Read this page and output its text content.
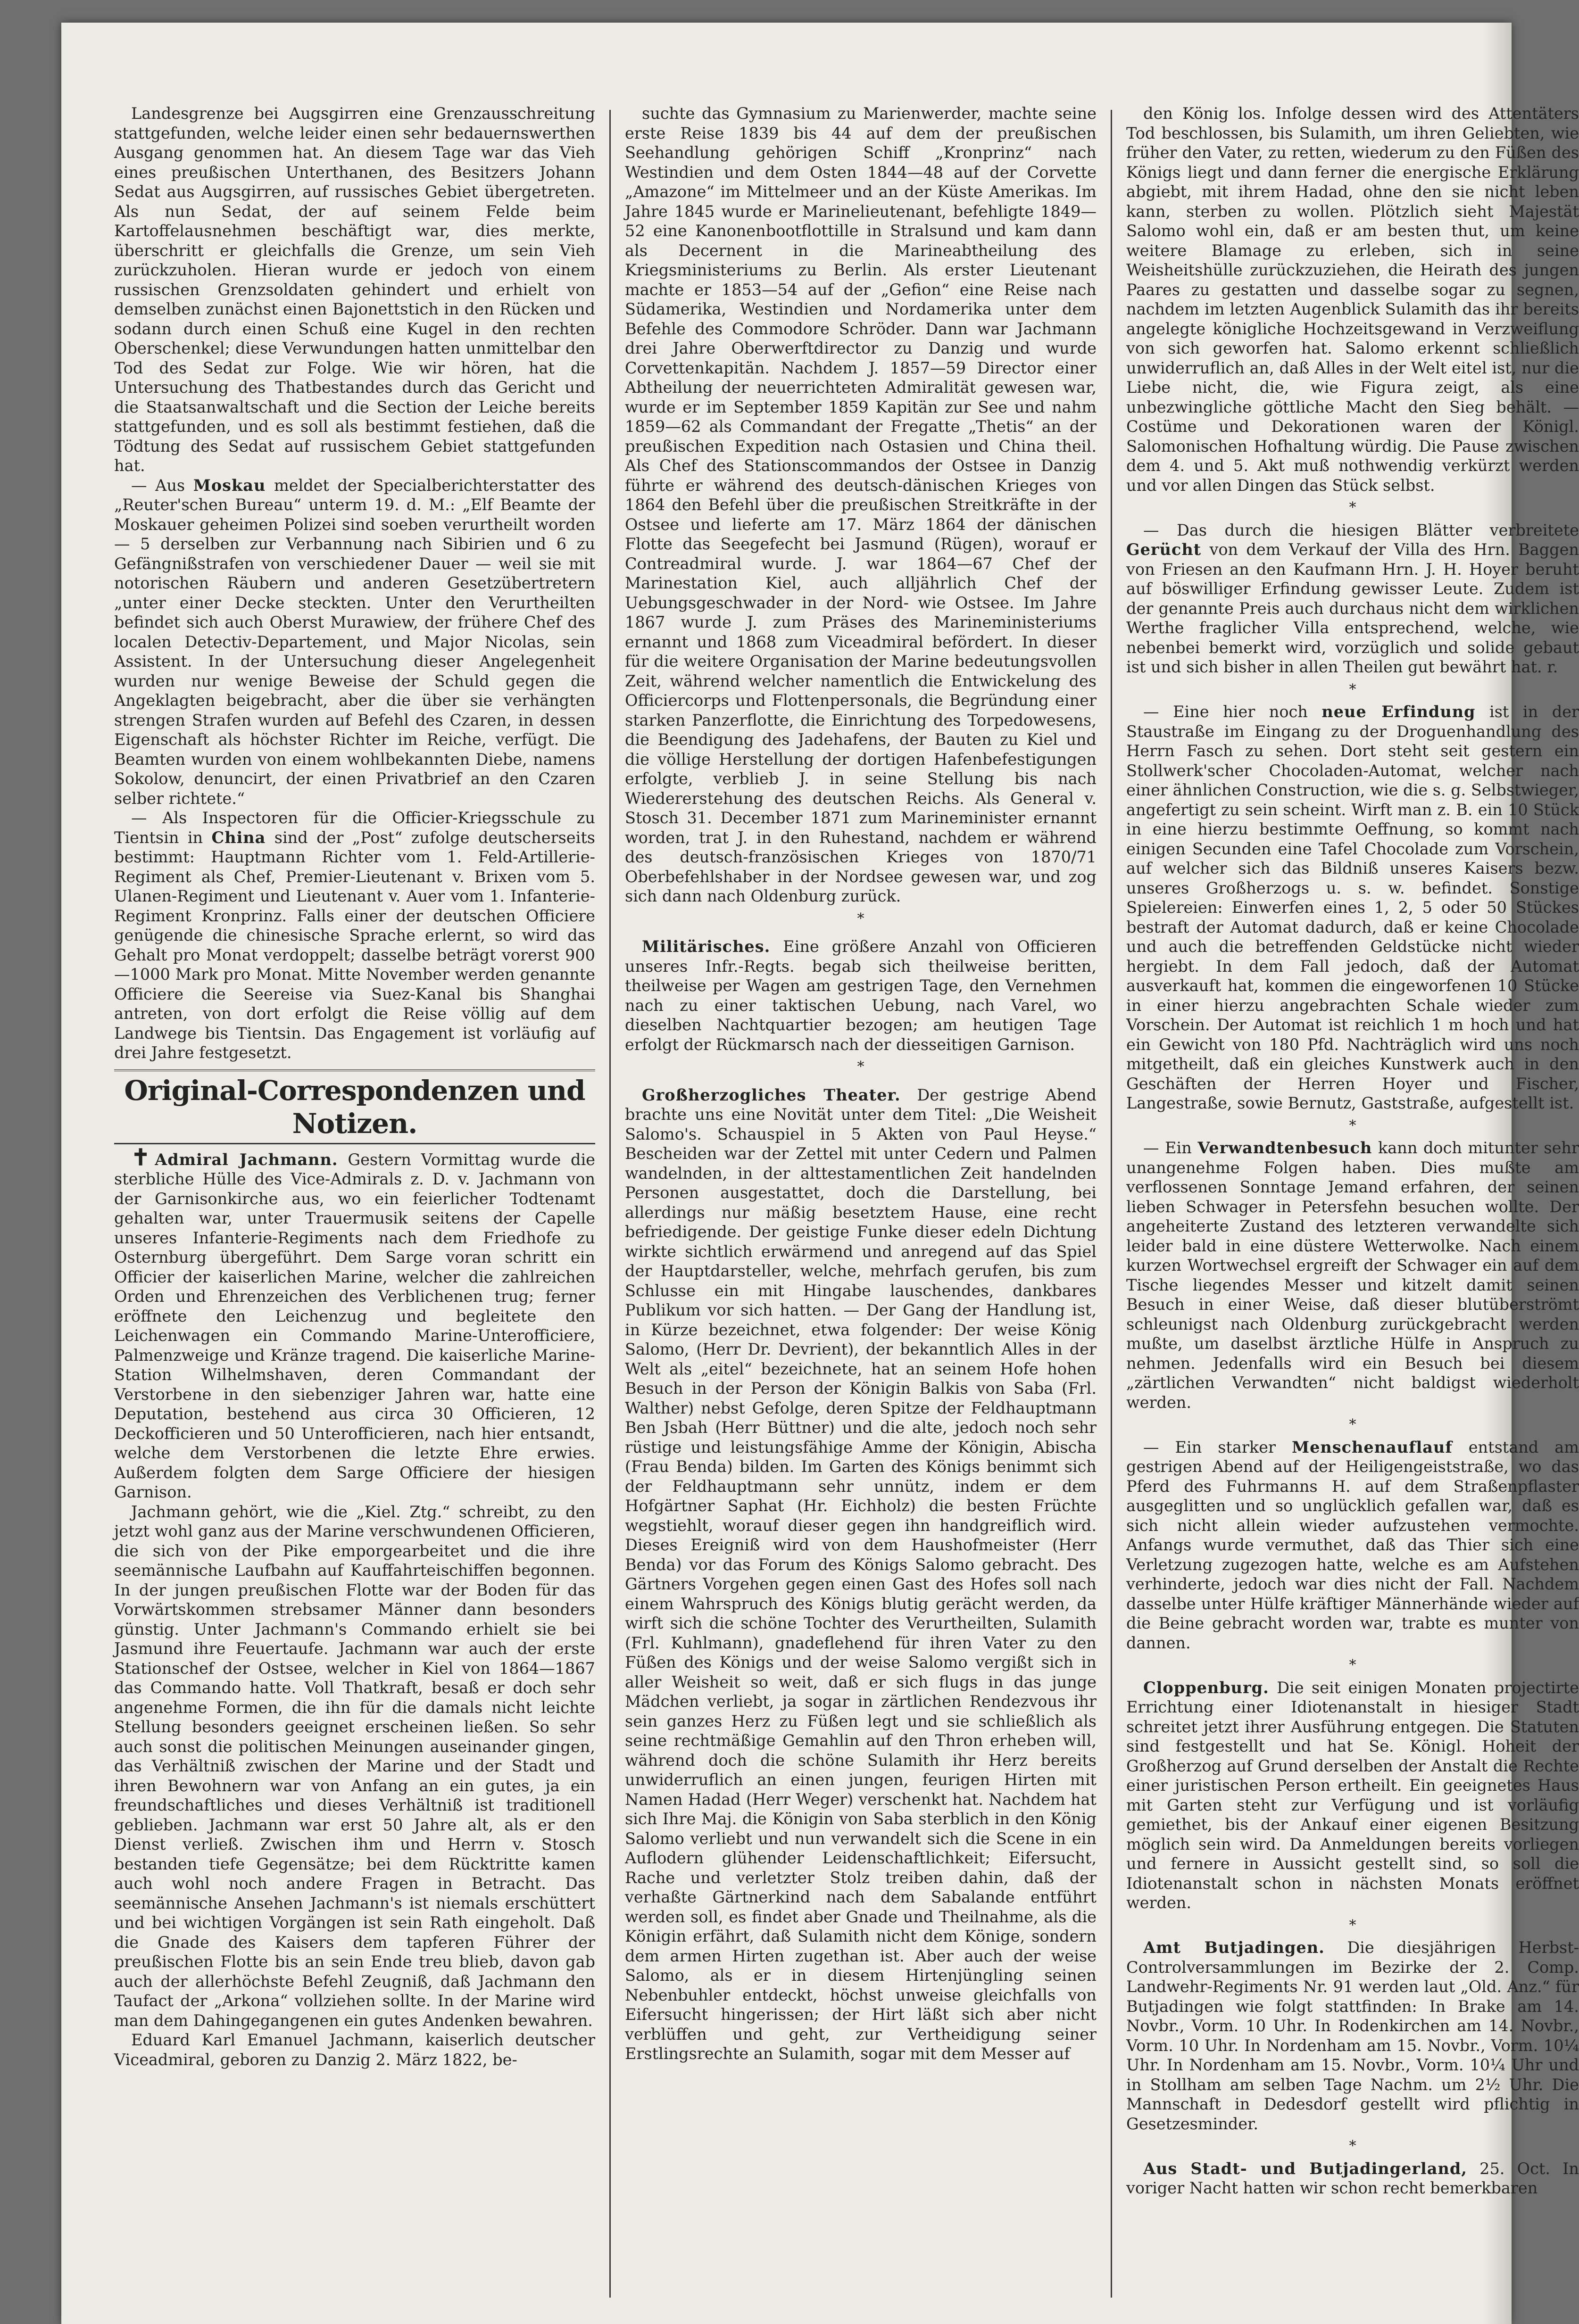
Landesgrenze bei Augsgirren eine Grenzausschreitung stattgefunden, welche leider einen sehr bedauernswerthen Ausgang genommen hat. An diesem Tage war das Vieh eines preußischen Unterthanen, des Besitzers Johann Sedat aus Augsgirren, auf russisches Gebiet übergetreten. Als nun Sedat, der auf seinem Felde beim Kartoffelausnehmen beschäftigt war, dies merkte, überschritt er gleichfalls die Grenze, um sein Vieh zurückzuholen. Hieran wurde er jedoch von einem russischen Grenzsoldaten gehindert und erhielt von demselben zunächst einen Bajonettstich in den Rücken und sodann durch einen Schuß eine Kugel in den rechten Oberschenkel; diese Verwundungen hatten unmittelbar den Tod des Sedat zur Folge. Wie wir hören, hat die Untersuchung des Thatbestandes durch das Gericht und die Staatsanwaltschaft und die Section der Leiche bereits stattgefunden, und es soll als bestimmt festiehen, daß die Tödtung des Sedat auf russischem Gebiet stattgefunden hat.

— Aus Moskau meldet der Specialberichterstatter des „Reuter'schen Bureau“ unterm 19. d. M.: „Elf Beamte der Moskauer geheimen Polizei sind soeben verurtheilt worden — 5 derselben zur Verbannung nach Sibirien und 6 zu Gefängnißstrafen von verschiedener Dauer — weil sie mit notorischen Räubern und anderen Gesetzübertretern „unter einer Decke steckten. Unter den Verurtheilten befindet sich auch Oberst Murawiew, der frühere Chef des localen Detectiv-Departement, und Major Nicolas, sein Assistent. In der Untersuchung dieser Angelegenheit wurden nur wenige Beweise der Schuld gegen die Angeklagten beigebracht, aber die über sie verhängten strengen Strafen wurden auf Befehl des Czaren, in dessen Eigenschaft als höchster Richter im Reiche, verfügt. Die Beamten wurden von einem wohlbekannten Diebe, namens Sokolow, denuncirt, der einen Privatbrief an den Czaren selber richtete.“

— Als Inspectoren für die Officier-Kriegsschule zu Tientsin in China sind der „Post“ zufolge deutscherseits bestimmt: Hauptmann Richter vom 1. Feld-Artillerie-Regiment als Chef, Premier-Lieutenant v. Brixen vom 5. Ulanen-Regiment und Lieutenant v. Auer vom 1. Infanterie-Regiment Kronprinz. Falls einer der deutschen Officiere genügende die chinesische Sprache erlernt, so wird das Gehalt pro Monat verdoppelt; dasselbe beträgt vorerst 900—1000 Mark pro Monat. Mitte November werden genannte Officiere die Seereise via Suez-Kanal bis Shanghai antreten, von dort erfolgt die Reise völlig auf dem Landwege bis Tientsin. Das Engagement ist vorläufig auf drei Jahre festgesetzt.

Original-Correspondenzen und Notizen.

✝ Admiral Jachmann. Gestern Vormittag wurde die sterbliche Hülle des Vice-Admirals z. D. v. Jachmann von der Garnisonkirche aus, wo ein feierlicher Todtenamt gehalten war, unter Trauermusik seitens der Capelle unseres Infanterie-Regiments nach dem Friedhofe zu Osternburg übergeführt. Dem Sarge voran schritt ein Officier der kaiserlichen Marine, welcher die zahlreichen Orden und Ehrenzeichen des Verblichenen trug; ferner eröffnete den Leichenzug und begleitete den Leichenwagen ein Commando Marine-Unterofficiere, Palmenzweige und Kränze tragend. Die kaiserliche Marine-Station Wilhelmshaven, deren Commandant der Verstorbene in den siebenziger Jahren war, hatte eine Deputation, bestehend aus circa 30 Officieren, 12 Deckofficieren und 50 Unterofficieren, nach hier entsandt, welche dem Verstorbenen die letzte Ehre erwies. Außerdem folgten dem Sarge Officiere der hiesigen Garnison.

Jachmann gehört, wie die „Kiel. Ztg.“ schreibt, zu den jetzt wohl ganz aus der Marine verschwundenen Officieren, die sich von der Pike emporgearbeitet und die ihre seemännische Laufbahn auf Kauffahrteischiffen begonnen. In der jungen preußischen Flotte war der Boden für das Vorwärtskommen strebsamer Männer dann besonders günstig. Unter Jachmann's Commando erhielt sie bei Jasmund ihre Feuertaufe. Jachmann war auch der erste Stationschef der Ostsee, welcher in Kiel von 1864—1867 das Commando hatte. Voll Thatkraft, besaß er doch sehr angenehme Formen, die ihn für die damals nicht leichte Stellung besonders geeignet erscheinen ließen. So sehr auch sonst die politischen Meinungen auseinander gingen, das Verhältniß zwischen der Marine und der Stadt und ihren Bewohnern war von Anfang an ein gutes, ja ein freundschaftliches und dieses Verhältniß ist traditionell geblieben. Jachmann war erst 50 Jahre alt, als er den Dienst verließ. Zwischen ihm und Herrn v. Stosch bestanden tiefe Gegensätze; bei dem Rücktritte kamen auch wohl noch andere Fragen in Betracht. Das seemännische Ansehen Jachmann's ist niemals erschüttert und bei wichtigen Vorgängen ist sein Rath eingeholt. Daß die Gnade des Kaisers dem tapferen Führer der preußischen Flotte bis an sein Ende treu blieb, davon gab auch der allerhöchste Befehl Zeugniß, daß Jachmann den Taufact der „Arkona“ vollziehen sollte. In der Marine wird man dem Dahingegangenen ein gutes Andenken bewahren.

Eduard Karl Emanuel Jachmann, kaiserlich deutscher Viceadmiral, geboren zu Danzig 2. März 1822, be-

suchte das Gymnasium zu Marienwerder, machte seine erste Reise 1839 bis 44 auf dem der preußischen Seehandlung gehörigen Schiff „Kronprinz“ nach Westindien und dem Osten 1844—48 auf der Corvette „Amazone“ im Mittelmeer und an der Küste Amerikas. Im Jahre 1845 wurde er Marinelieutenant, befehligte 1849—52 eine Kanonenbootflottille in Stralsund und kam dann als Decernent in die Marineabtheilung des Kriegsministeriums zu Berlin. Als erster Lieutenant machte er 1853—54 auf der „Gefion“ eine Reise nach Südamerika, Westindien und Nordamerika unter dem Befehle des Commodore Schröder. Dann war Jachmann drei Jahre Oberwerftdirector zu Danzig und wurde Corvettenkapitän. Nachdem J. 1857—59 Director einer Abtheilung der neuerrichteten Admiralität gewesen war, wurde er im September 1859 Kapitän zur See und nahm 1859—62 als Commandant der Fregatte „Thetis“ an der preußischen Expedition nach Ostasien und China theil. Als Chef des Stationscommandos der Ostsee in Danzig führte er während des deutsch-dänischen Krieges von 1864 den Befehl über die preußischen Streitkräfte in der Ostsee und lieferte am 17. März 1864 der dänischen Flotte das Seegefecht bei Jasmund (Rügen), worauf er Contreadmiral wurde. J. war 1864—67 Chef der Marinestation Kiel, auch alljährlich Chef der Uebungsgeschwader in der Nord- wie Ostsee. Im Jahre 1867 wurde J. zum Präses des Marineministeriums ernannt und 1868 zum Viceadmiral befördert. In dieser für die weitere Organisation der Marine bedeutungsvollen Zeit, während welcher namentlich die Entwickelung des Officiercorps und Flottenpersonals, die Begründung einer starken Panzerflotte, die Einrichtung des Torpedowesens, die Beendigung des Jadehafens, der Bauten zu Kiel und die völlige Herstellung der dortigen Hafenbefestigungen erfolgte, verblieb J. in seine Stellung bis nach Wiedererstehung des deutschen Reichs. Als General v. Stosch 31. December 1871 zum Marineminister ernannt worden, trat J. in den Ruhestand, nachdem er während des deutsch-französischen Krieges von 1870/71 Oberbefehlshaber in der Nordsee gewesen war, und zog sich dann nach Oldenburg zurück.

*

Militärisches. Eine größere Anzahl von Officieren unseres Infr.-Regts. begab sich theilweise beritten, theilweise per Wagen am gestrigen Tage, den Vernehmen nach zu einer taktischen Uebung, nach Varel, wo dieselben Nachtquartier bezogen; am heutigen Tage erfolgt der Rückmarsch nach der diesseitigen Garnison.

*

Großherzogliches Theater. Der gestrige Abend brachte uns eine Novität unter dem Titel: „Die Weisheit Salomo's. Schauspiel in 5 Akten von Paul Heyse.“ Bescheiden war der Zettel mit unter Cedern und Palmen wandelnden, in der alttestamentlichen Zeit handelnden Personen ausgestattet, doch die Darstellung, bei allerdings nur mäßig besetztem Hause, eine recht befriedigende. Der geistige Funke dieser edeln Dichtung wirkte sichtlich erwärmend und anregend auf das Spiel der Hauptdarsteller, welche, mehrfach gerufen, bis zum Schlusse ein mit Hingabe lauschendes, dankbares Publikum vor sich hatten. — Der Gang der Handlung ist, in Kürze bezeichnet, etwa folgender: Der weise König Salomo, (Herr Dr. Devrient), der bekanntlich Alles in der Welt als „eitel“ bezeichnete, hat an seinem Hofe hohen Besuch in der Person der Königin Balkis von Saba (Frl. Walther) nebst Gefolge, deren Spitze der Feldhauptmann Ben Jsbah (Herr Büttner) und die alte, jedoch noch sehr rüstige und leistungsfähige Amme der Königin, Abischa (Frau Benda) bilden. Im Garten des Königs benimmt sich der Feldhauptmann sehr unnütz, indem er dem Hofgärtner Saphat (Hr. Eichholz) die besten Früchte wegstiehlt, worauf dieser gegen ihn handgreiflich wird. Dieses Ereigniß wird von dem Haushofmeister (Herr Benda) vor das Forum des Königs Salomo gebracht. Des Gärtners Vorgehen gegen einen Gast des Hofes soll nach einem Wahrspruch des Königs blutig gerächt werden, da wirft sich die schöne Tochter des Verurtheilten, Sulamith (Frl. Kuhlmann), gnadeflehend für ihren Vater zu den Füßen des Königs und der weise Salomo vergißt sich in aller Weisheit so weit, daß er sich flugs in das junge Mädchen verliebt, ja sogar in zärtlichen Rendezvous ihr sein ganzes Herz zu Füßen legt und sie schließlich als seine rechtmäßige Gemahlin auf den Thron erheben will, während doch die schöne Sulamith ihr Herz bereits unwiderruflich an einen jungen, feurigen Hirten mit Namen Hadad (Herr Weger) verschenkt hat. Nachdem hat sich Ihre Maj. die Königin von Saba sterblich in den König Salomo verliebt und nun verwandelt sich die Scene in ein Auflodern glühender Leidenschaftlichkeit; Eifersucht, Rache und verletzter Stolz treiben dahin, daß der verhaßte Gärtnerkind nach dem Sabalande entführt werden soll, es findet aber Gnade und Theilnahme, als die Königin erfährt, daß Sulamith nicht dem Könige, sondern dem armen Hirten zugethan ist. Aber auch der weise Salomo, als er in diesem Hirtenjüngling seinen Nebenbuhler entdeckt, höchst unweise gleichfalls von Eifersucht hingerissen; der Hirt läßt sich aber nicht verblüffen und geht, zur Vertheidigung seiner Erstlingsrechte an Sulamith, sogar mit dem Messer auf

den König los. Infolge dessen wird des Attentäters Tod beschlossen, bis Sulamith, um ihren Geliebten, wie früher den Vater, zu retten, wiederum zu den Füßen des Königs liegt und dann ferner die energische Erklärung abgiebt, mit ihrem Hadad, ohne den sie nicht leben kann, sterben zu wollen. Plötzlich sieht Majestät Salomo wohl ein, daß er am besten thut, um keine weitere Blamage zu erleben, sich in seine Weisheitshülle zurückzuziehen, die Heirath des jungen Paares zu gestatten und dasselbe sogar zu segnen, nachdem im letzten Augenblick Sulamith das ihr bereits angelegte königliche Hochzeitsgewand in Verzweiflung von sich geworfen hat. Salomo erkennt schließlich unwiderruflich an, daß Alles in der Welt eitel ist, nur die Liebe nicht, die, wie Figura zeigt, als eine unbezwingliche göttliche Macht den Sieg behält. — Costüme und Dekorationen waren der Königl. Salomonischen Hofhaltung würdig. Die Pause zwischen dem 4. und 5. Akt muß nothwendig verkürzt werden und vor allen Dingen das Stück selbst.

*

— Das durch die hiesigen Blätter verbreitete Gerücht von dem Verkauf der Villa des Hrn. Baggen von Friesen an den Kaufmann Hrn. J. H. Hoyer beruht auf böswilliger Erfindung gewisser Leute. Zudem ist der genannte Preis auch durchaus nicht dem wirklichen Werthe fraglicher Villa entsprechend, welche, wie nebenbei bemerkt wird, vorzüglich und solide gebaut ist und sich bisher in allen Theilen gut bewährt hat. r.

*

— Eine hier noch neue Erfindung ist in der Staustraße im Eingang zu der Droguenhandlung des Herrn Fasch zu sehen. Dort steht seit gestern ein Stollwerk'scher Chocoladen-Automat, welcher nach einer ähnlichen Construction, wie die s. g. Selbstwieger, angefertigt zu sein scheint. Wirft man z. B. ein 10 Stück in eine hierzu bestimmte Oeffnung, so kommt nach einigen Secunden eine Tafel Chocolade zum Vorschein, auf welcher sich das Bildniß unseres Kaisers bezw. unseres Großherzogs u. s. w. befindet. Sonstige Spielereien: Einwerfen eines 1, 2, 5 oder 50 Stückes bestraft der Automat dadurch, daß er keine Chocolade und auch die betreffenden Geldstücke nicht wieder hergiebt. In dem Fall jedoch, daß der Automat ausverkauft hat, kommen die eingeworfenen 10 Stücke in einer hierzu angebrachten Schale wieder zum Vorschein. Der Automat ist reichlich 1 m hoch und hat ein Gewicht von 180 Pfd. Nachträglich wird uns noch mitgetheilt, daß ein gleiches Kunstwerk auch in den Geschäften der Herren Hoyer und Fischer, Langestraße, sowie Bernutz, Gaststraße, aufgestellt ist.

*

— Ein Verwandtenbesuch kann doch mitunter sehr unangenehme Folgen haben. Dies mußte am verflossenen Sonntage Jemand erfahren, der seinen lieben Schwager in Petersfehn besuchen wollte. Der angeheiterte Zustand des letzteren verwandelte sich leider bald in eine düstere Wetterwolke. Nach einem kurzen Wortwechsel ergreift der Schwager ein auf dem Tische liegendes Messer und kitzelt damit seinen Besuch in einer Weise, daß dieser blutüberströmt schleunigst nach Oldenburg zurückgebracht werden mußte, um daselbst ärztliche Hülfe in Anspruch zu nehmen. Jedenfalls wird ein Besuch bei diesem „zärtlichen Verwandten“ nicht baldigst wiederholt werden.

*

— Ein starker Menschenauflauf entstand am gestrigen Abend auf der Heiligengeiststraße, wo das Pferd des Fuhrmanns H. auf dem Straßenpflaster ausgeglitten und so unglücklich gefallen war, daß es sich nicht allein wieder aufzustehen vermochte. Anfangs wurde vermuthet, daß das Thier sich eine Verletzung zugezogen hatte, welche es am Aufstehen verhinderte, jedoch war dies nicht der Fall. Nachdem dasselbe unter Hülfe kräftiger Männerhände wieder auf die Beine gebracht worden war, trabte es munter von dannen.

*

Cloppenburg. Die seit einigen Monaten projectirte Errichtung einer Idiotenanstalt in hiesiger Stadt schreitet jetzt ihrer Ausführung entgegen. Die Statuten sind festgestellt und hat Se. Königl. Hoheit der Großherzog auf Grund derselben der Anstalt die Rechte einer juristischen Person ertheilt. Ein geeignetes Haus mit Garten steht zur Verfügung und ist vorläufig gemiethet, bis der Ankauf einer eigenen Besitzung möglich sein wird. Da Anmeldungen bereits vorliegen und fernere in Aussicht gestellt sind, so soll die Idiotenanstalt schon in nächsten Monats eröffnet werden.

*

Amt Butjadingen. Die diesjährigen Herbst-Controlversammlungen im Bezirke der 2. Comp. Landwehr-Regiments Nr. 91 werden laut „Old. Anz.“ für Butjadingen wie folgt stattfinden: In Brake am 14. Novbr., Vorm. 10 Uhr. In Rodenkirchen am 14. Novbr., Vorm. 10 Uhr. In Nordenham am 15. Novbr., Vorm. 10¼ Uhr. In Nordenham am 15. Novbr., Vorm. 10¼ Uhr und in Stollham am selben Tage Nachm. um 2½ Uhr. Die Mannschaft in Dedesdorf gestellt wird pflichtig in Gesetzesminder.

*

Aus Stadt- und Butjadingerland, 25. Oct. In voriger Nacht hatten wir schon recht bemerkbaren
